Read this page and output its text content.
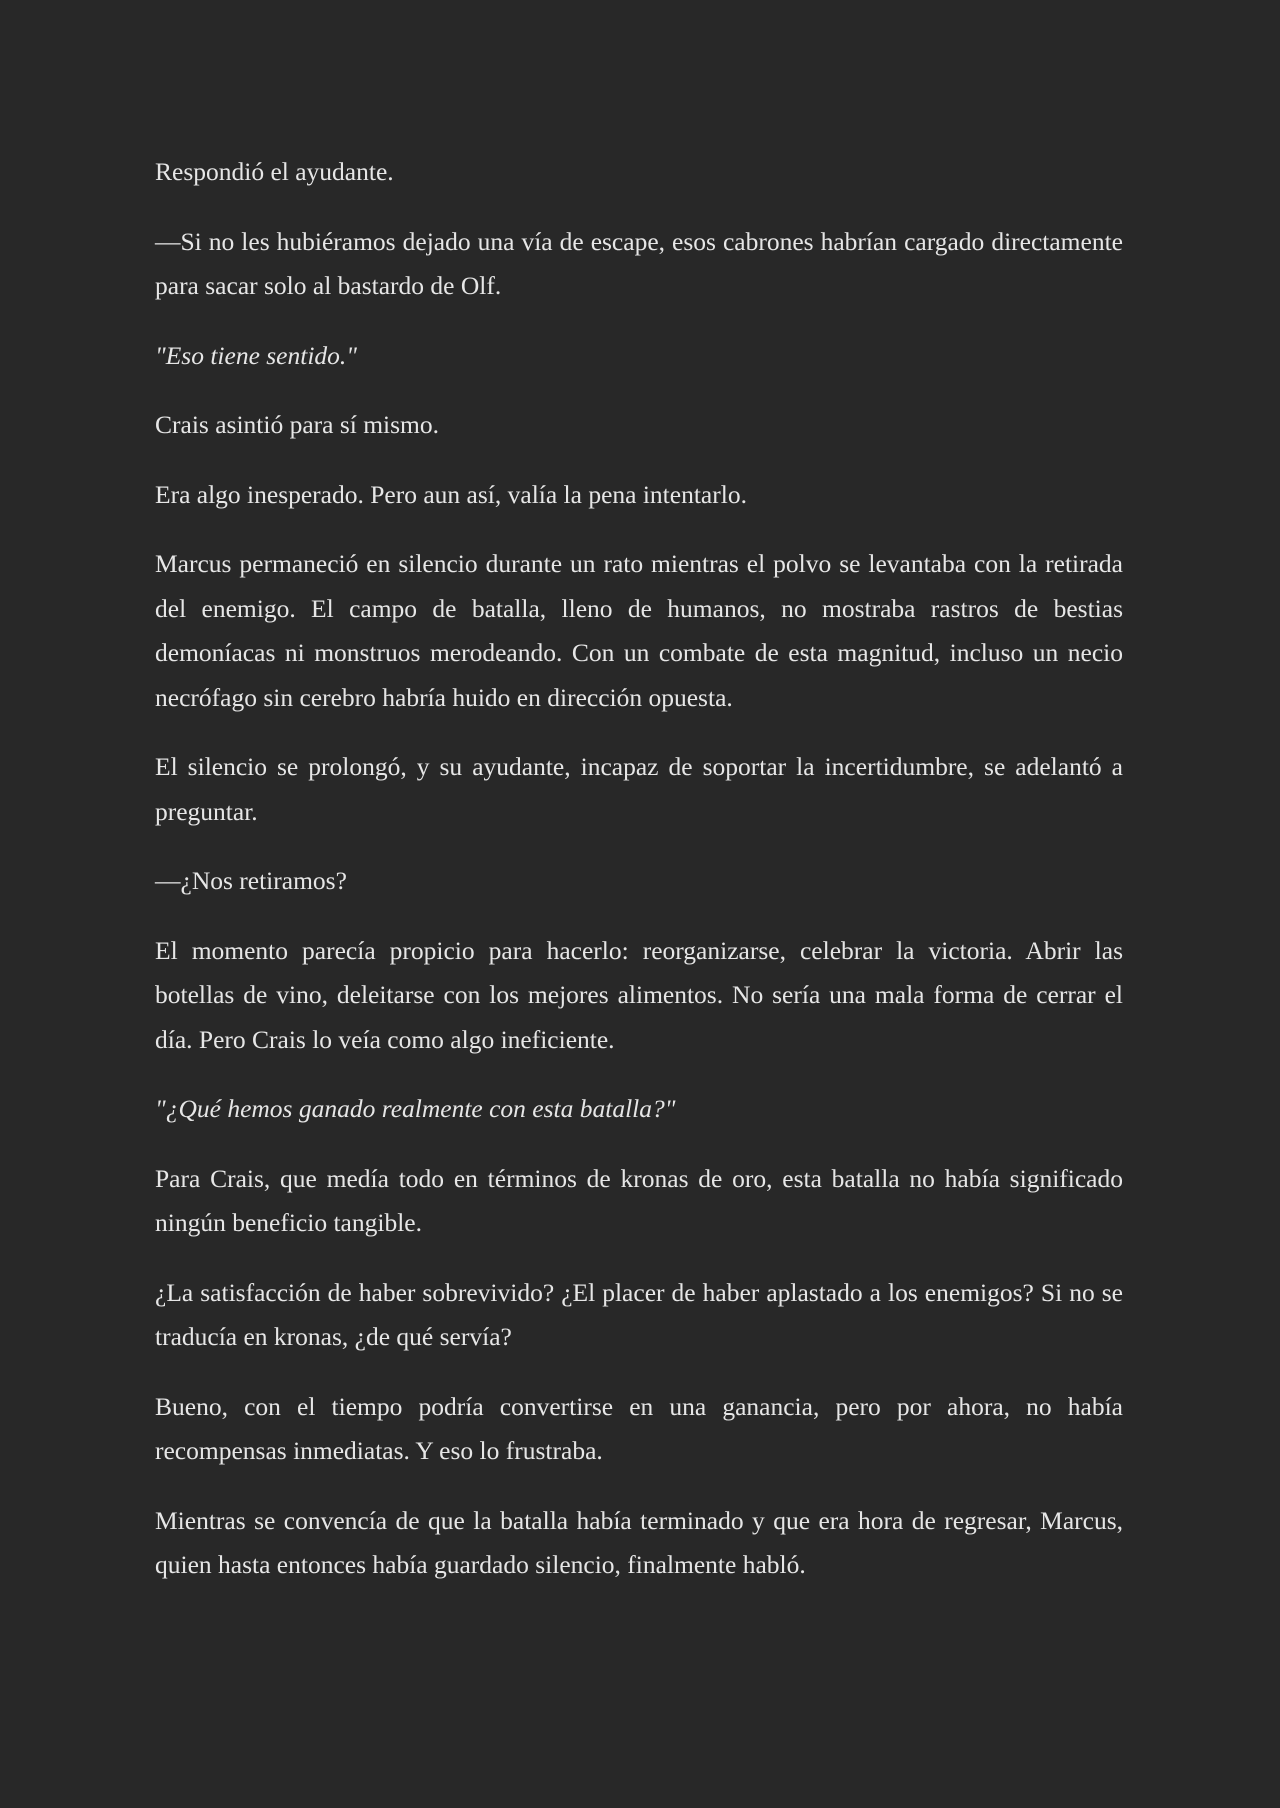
Respondió el ayudante.

—Si no les hubiéramos dejado una vía de escape, esos cabrones habrían cargado directamente para sacar solo al bastardo de Olf.

"Eso tiene sentido."

Crais asintió para sí mismo.

Era algo inesperado. Pero aun así, valía la pena intentarlo.

Marcus permaneció en silencio durante un rato mientras el polvo se levantaba con la retirada del enemigo. El campo de batalla, lleno de humanos, no mostraba rastros de bestias demoníacas ni monstruos merodeando. Con un combate de esta magnitud, incluso un necio necrófago sin cerebro habría huido en dirección opuesta.

El silencio se prolongó, y su ayudante, incapaz de soportar la incertidumbre, se adelantó a preguntar.

—¿Nos retiramos?

El momento parecía propicio para hacerlo: reorganizarse, celebrar la victoria. Abrir las botellas de vino, deleitarse con los mejores alimentos. No sería una mala forma de cerrar el día. Pero Crais lo veía como algo ineficiente.

"¿Qué hemos ganado realmente con esta batalla?"

Para Crais, que medía todo en términos de kronas de oro, esta batalla no había significado ningún beneficio tangible.

¿La satisfacción de haber sobrevivido? ¿El placer de haber aplastado a los enemigos? Si no se traducía en kronas, ¿de qué servía?

Bueno, con el tiempo podría convertirse en una ganancia, pero por ahora, no había recompensas inmediatas. Y eso lo frustraba.

Mientras se convencía de que la batalla había terminado y que era hora de regresar, Marcus, quien hasta entonces había guardado silencio, finalmente habló.
